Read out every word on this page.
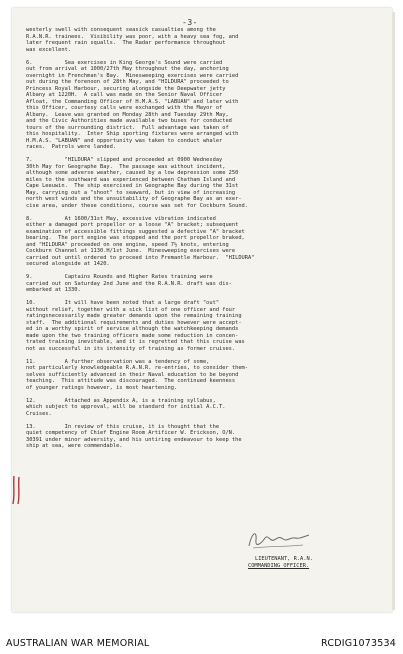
-3-
westerly swell with consequent seasick casualties among the
R.A.N.R. trainees.  Visibility was poor, with a heavy sea fog, and
later frequent rain squalls.  The Radar performance throughout
was excellent.
6.          Sea exercises in King George's Sound were carried
out from arrival at 1000/27th May throughout the day, anchoring
overnight in Frenchman's Bay.  Minesweeping exercises were carried
out during the forenoon of 28th May, and "HILDURA" proceeded to
Princess Royal Harbour, securing alongside the Deepwater jetty
Albany at 1220H.  A call was made on the Senior Naval Officer
Afloat, the Commanding Officer of H.M.A.S. "LABUAN" and later with
this Officer, courtesy calls were exchanged with the Mayor of
Albany.  Leave was granted on Monday 28th and Tuesday 29th May,
and the Civic Authorities made available two buses for conducted
tours of the surrounding district.  Full advantage was taken of
this hospitality.  Inter Ship sporting fixtures were arranged with
H.M.A.S. "LABUAN" and opportunity was taken to conduct whaler
races.  Patrols were landed.
7.          "HILDURA" slipped and proceeded at 0900 Wednesday
30th May for Geographe Bay.  The passage was without incident,
although some adverse weather, caused by a low depression some 250
miles to the southward was experienced between Chatham Island and
Cape Leeuwin.  The ship exercised in Geographe Bay during the 31st
May, carrying out a "shoot" to seaward, but in view of increasing
north west winds and the unsuitability of Geographe Bay as an exer-
cise area, under these conditions, course was set for Cockburn Sound.
8.          At 1600/31st May, excessive vibration indicated
either a damaged port propellor or a loose "A" bracket; subsequent
examination of accessible fittings suggested a defective "A" bracket
bearing.  The port engine was stopped and the port propellor braked,
and "HILDURA" proceeded on one engine, speed 7½ knots, entering
Cockburn Channel at 1130.H/1st June.  Minesweeping exercises were
carried out until ordered to proceed into Fremantle Harbour.  "HILDURA"
secured alongside at 1420.
9.          Captains Rounds and Higher Rates training were
carried out on Saturday 2nd June and the R.A.N.R. draft was dis-
embarked at 1330.
10.         It will have been noted that a large draft "out"
without relief, together with a sick list of one officer and four
ratingsnecessarily made greater demands upon the remaining training
staff.  The additional requirements and duties however were accept-
ed in a worthy spirit of service although the watchkeeping demands
made upon the two training officers made some reduction in concen-
trated training inevitable, and it is regretted that this cruise was
not as successful in its intensity of training as former cruises.
11.         A further observation was a tendency of some,
not particularly knowledgeable R.A.N.R. re-entries, to consider them-
selves sufficiently advanced in their Naval education to be beyond
teaching.  This attitude was discouraged.  The continued keenness
of younger ratings however, is most heartening.
12.         Attached as Appendix A, is a training syllabus,
which subject to approval, will be standard for initial A.C.T.
Cruises.
13.         In review of this cruise, it is thought that the
quiet competency of Chief Engine Room Artificer W. Erickson, O/N.
30391 under minor adversity, and his untiring endeavour to keep the
ship at sea, were commendable.
LIEUTENANT, R.A.N.
COMMANDING OFFICER.
AUSTRALIAN WAR MEMORIAL	RCDIG1073534
